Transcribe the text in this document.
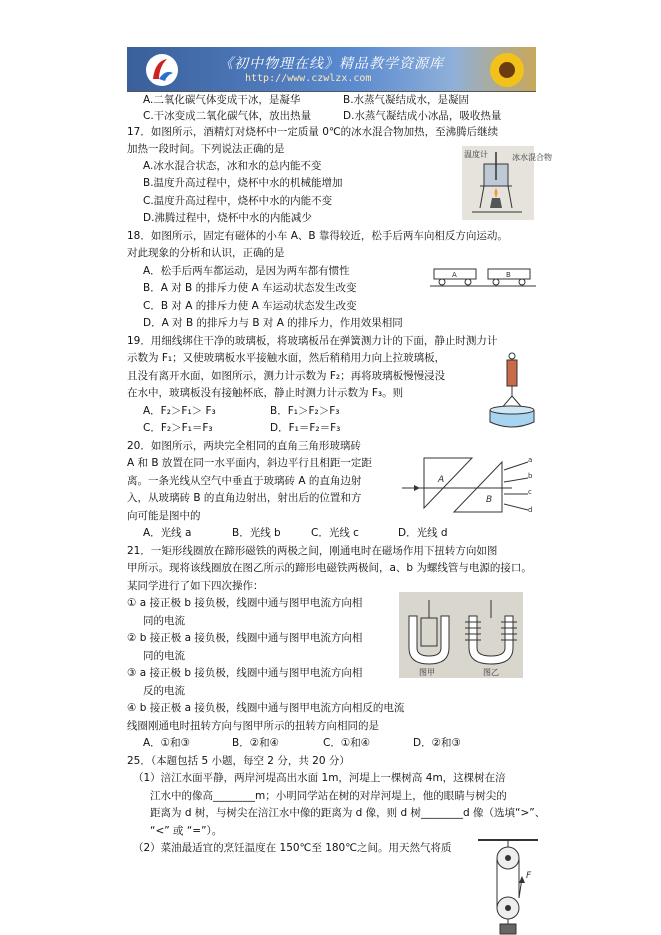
《初中物理在线》精品教学资源库
http://www.czwlzx.com
A.二氧化碳气体变成干冰，是凝华	B.水蒸气凝结成水，是凝固
C.干冰变成二氧化碳气体，放出热量	D.水蒸气凝结成小冰晶，吸收热量
17．如图所示，酒精灯对烧杯中一定质量 0℃的冰水混合物加热，至沸腾后继续
加热一段时间。下列说法正确的是
A.冰水混合状态，冰和水的总内能不变
B.温度升高过程中，烧杯中水的机械能增加
C.温度升高过程中，烧杯中水的内能不变
D.沸腾过程中，烧杯中水的内能减少
18．如图所示，固定有磁体的小车 A、B 靠得较近，松手后两车向相反方向运动。
对此现象的分析和认识，正确的是
A．松手后两车都运动，是因为两车都有惯性
B．A 对 B 的排斥力使 A 车运动状态发生改变
C．B 对 A 的排斥力使 A 车运动状态发生改变
D．A 对 B 的排斥力与 B 对 A 的排斥力，作用效果相同
19．用细线绑住干净的玻璃板，将玻璃板吊在弹簧测力计的下面，静止时测力计
示数为 F₁；又使玻璃板水平接触水面，然后稍稍用力向上拉玻璃板，
且没有离开水面，如图所示，测力计示数为 F₂；再将玻璃板慢慢浸没
在水中，玻璃板没有接触杯底，静止时测力计示数为 F₃。则
A．F₂＞F₁＞ F₃	B．F₁＞F₂＞F₃
C．F₂＞F₁＝F₃	D．F₁＝F₂＝F₃
20．如图所示，两块完全相同的直角三角形玻璃砖
A 和 B 放置在同一水平面内，斜边平行且相距一定距
离。一条光线从空气中垂直于玻璃砖 A 的直角边射
入，从玻璃砖 B 的直角边射出，射出后的位置和方
向可能是图中的
A．光线 a	B．光线 b	C．光线 c	D．光线 d
21．一矩形线圈放在蹄形磁铁的两极之间，刚通电时在磁场作用下扭转方向如图
甲所示。现将该线圈放在图乙所示的蹄形电磁铁两极间，a、b 为螺线管与电源的接口。
某同学进行了如下四次操作：
① a 接正极 b 接负极，线圈中通与图甲电流方向相
同的电流
② b 接正极 a 接负极，线圈中通与图甲电流方向相
同的电流
③ a 接正极 b 接负极，线圈中通与图甲电流方向相
反的电流
④ b 接正极 a 接负极，线圈中通与图甲电流方向相反的电流
线圈刚通电时扭转方向与图甲所示的扭转方向相同的是
A．①和③	B．②和④	C．①和④	D．②和③
25．（本题包括 5 小题，每空 2 分，共 20 分）
（1）涪江水面平静，两岸河堤高出水面 1m，河堤上一棵树高 4m，这棵树在涪
江水中的像高________m；小明同学站在树的对岸河堤上，他的眼睛与树尖的
距离为 d 树，与树尖在涪江水中像的距离为 d 像，则 d 树________d 像（选填“>”、
“<” 或 “=”）。
（2）菜油最适宜的烹饪温度在 150℃至 180℃之间。用天然气将质
温度计	冰水混合物
A	B
A
B
a
b
c
d
图甲	图乙
F
